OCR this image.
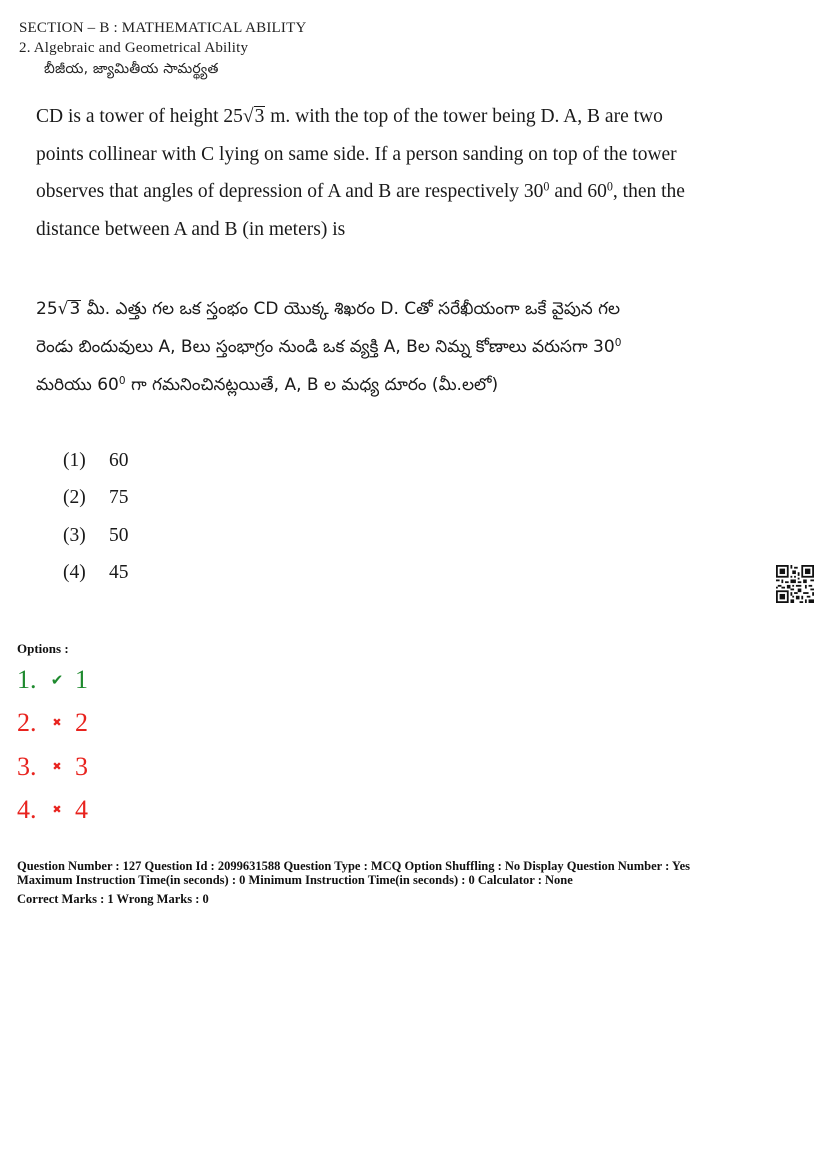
SECTION – B : MATHEMATICAL ABILITY
2. Algebraic and Geometrical Ability
బీజీయ, జ్యామితీయ సామర్థ్యత
CD is a tower of height 25√3 m. with the top of the tower being D. A, B are two
points collinear with C lying on same side. If a person sanding on top of the tower
observes that angles of depression of A and B are respectively $30^0$ and $60^0$, then the
distance between A and B (in meters) is
25√3 మీ. ఎత్తు గల ఒక స్తంభం CD యొక్క శిఖరం D. Cతో సరేఖీయంగా ఒకే వైపున గల
రెండు బిందువులు A, Bలు స్తంభాగ్రం నుండి ఒక వ్యక్తి A, Bల నిమ్న కోణాలు వరుసగా $30^0$
మరియు $60^0$ గా గమనించినట్లయితే, A, B ల మధ్య దూరం (మీ.లలో)
(1) 60
(2) 75
(3) 50
(4) 45
Options :
1. ✔ 1
2.	✖ 2
3.	✖ 3
4.	✖ 4
Question Number : 127 Question Id : 2099631588 Question Type : MCQ Option Shuffling : No Display Question Number : Yes
Maximum Instruction Time(in seconds) : 0 Minimum Instruction Time(in seconds) : 0 Calculator : None
Correct Marks : 1 Wrong Marks : 0
